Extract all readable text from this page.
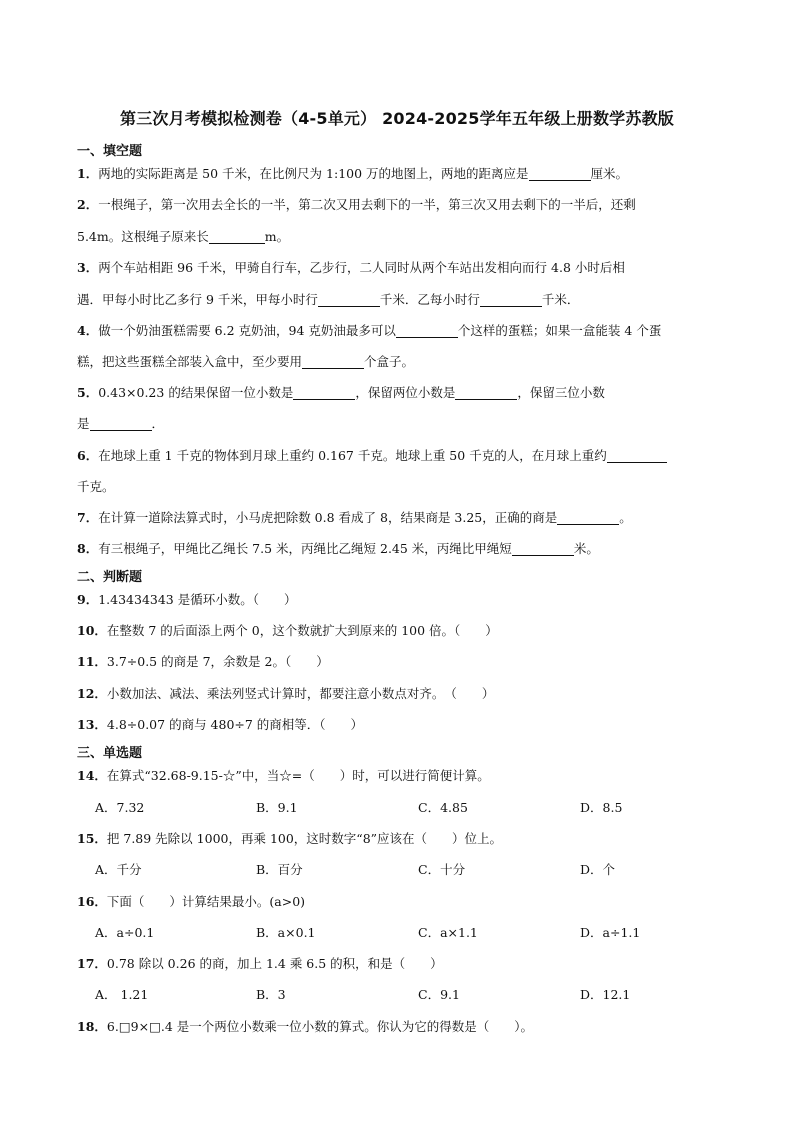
第三次月考模拟检测卷（4-5单元） 2024-2025学年五年级上册数学苏教版
一、填空题
1．两地的实际距离是 50 千米，在比例尺为 1:100 万的地图上，两地的距离应是	厘米。
2．一根绳子，第一次用去全长的一半，第二次又用去剩下的一半，第三次又用去剩下的一半后，还剩
5.4m。这根绳子原来长	m。
3．两个车站相距 96 千米，甲骑自行车，乙步行，二人同时从两个车站出发相向而行 4.8 小时后相
遇．甲每小时比乙多行 9 千米，甲每小时行	千米．乙每小时行	千米．
4．做一个奶油蛋糕需要 6.2 克奶油，94 克奶油最多可以	个这样的蛋糕；如果一盒能装 4 个蛋
糕，把这些蛋糕全部装入盒中，至少要用	个盒子。
5．0.43×0.23 的结果保留一位小数是	，保留两位小数是	，保留三位小数
是	．
6．在地球上重 1 千克的物体到月球上重约 0.167 千克。地球上重 50 千克的人，在月球上重约
千克。
7．在计算一道除法算式时，小马虎把除数 0.8 看成了 8，结果商是 3.25，正确的商是	。
8．有三根绳子，甲绳比乙绳长 7.5 米，丙绳比乙绳短 2.45 米，丙绳比甲绳短	米。
二、判断题
9．1.43434343 是循环小数。（　　）
10．在整数 7 的后面添上两个 0，这个数就扩大到原来的 100 倍。（　　）
11．3.7÷0.5 的商是 7，余数是 2。（　　）
12．小数加法、减法、乘法列竖式计算时，都要注意小数点对齐。　（　　）
13．4.8÷0.07 的商与 480÷7 的商相等．（　　）
三、单选题
14．在算式“32.68-9.15-☆”中，当☆=（　　）时，可以进行简便计算。
A．7.32	B．9.1	C．4.85	D．8.5
15．把 7.89 先除以 1000，再乘 100，这时数字“8”应该在（　　）位上。
A．千分	B．百分	C．十分	D．个
16．下面（　　）计算结果最小。(a>0)
A．a÷0.1	B．a×0.1	C．a×1.1	D．a÷1.1
17．0.78 除以 0.26 的商，加上 1.4 乘 6.5 的积，和是（　　）
A． 1.21	B．3	C．9.1	D．12.1
18．6.□9×□.4 是一个两位小数乘一位小数的算式。你认为它的得数是（　　）。
